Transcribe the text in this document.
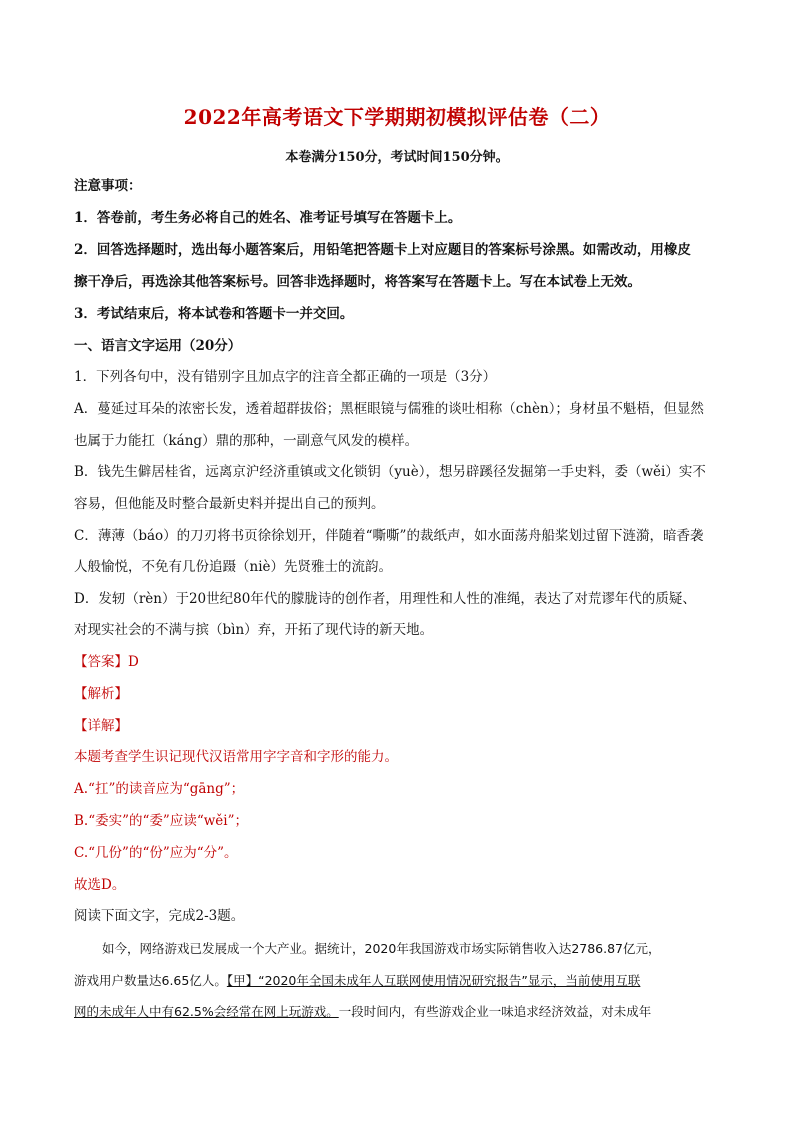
2022年高考语文下学期期初模拟评估卷（二）
本卷满分150分，考试时间150分钟。
注意事项：
1．答卷前，考生务必将自己的姓名、准考证号填写在答题卡上。
2．回答选择题时，选出每小题答案后，用铅笔把答题卡上对应题目的答案标号涂黑。如需改动，用橡皮
擦干净后，再选涂其他答案标号。回答非选择题时，将答案写在答题卡上。写在本试卷上无效。
3．考试结束后，将本试卷和答题卡一并交回。
一、语言文字运用（20分）
1．下列各句中，没有错别字且加点字的注音全都正确的一项是（3分）
A．蔓延过耳朵的浓密长发，透着超群拔俗；黑框眼镜与儒雅的谈吐相称（chèn）；身材虽不魁梧，但显然
也属于力能扛（káng）鼎的那种，一副意气风发的模样。
B．钱先生僻居桂省，远离京沪经济重镇或文化锁钥（yuè），想另辟蹊径发掘第一手史料，委（wěi）实不
容易，但他能及时整合最新史料并提出自己的预判。
C．薄薄（báo）的刀刃将书页徐徐划开，伴随着“嘶嘶”的裁纸声，如水面荡舟船桨划过留下涟漪，暗香袭
人般愉悦，不免有几份追蹑（niè）先贤雅士的流韵。
D．发轫（rèn）于20世纪80年代的朦胧诗的创作者，用理性和人性的准绳，表达了对荒谬年代的质疑、
对现实社会的不满与摈（bìn）弃，开拓了现代诗的新天地。
【答案】D
【解析】
【详解】
本题考查学生识记现代汉语常用字字音和字形的能力。
A.“扛”的读音应为“gāng”；
B.“委实”的“委”应读“wěi”；
C.“几份”的“份”应为“分”。
故选D。
阅读下面文字，完成2-3题。
如今，网络游戏已发展成一个大产业。据统计，2020年我国游戏市场实际销售收入达2786.87亿元，
游戏用户数量达6.65亿人。【甲】“2020年全国未成年人互联网使用情况研究报告”显示，当前使用互联
网的未成年人中有62.5%会经常在网上玩游戏。一段时间内，有些游戏企业一味追求经济效益，对未成年
